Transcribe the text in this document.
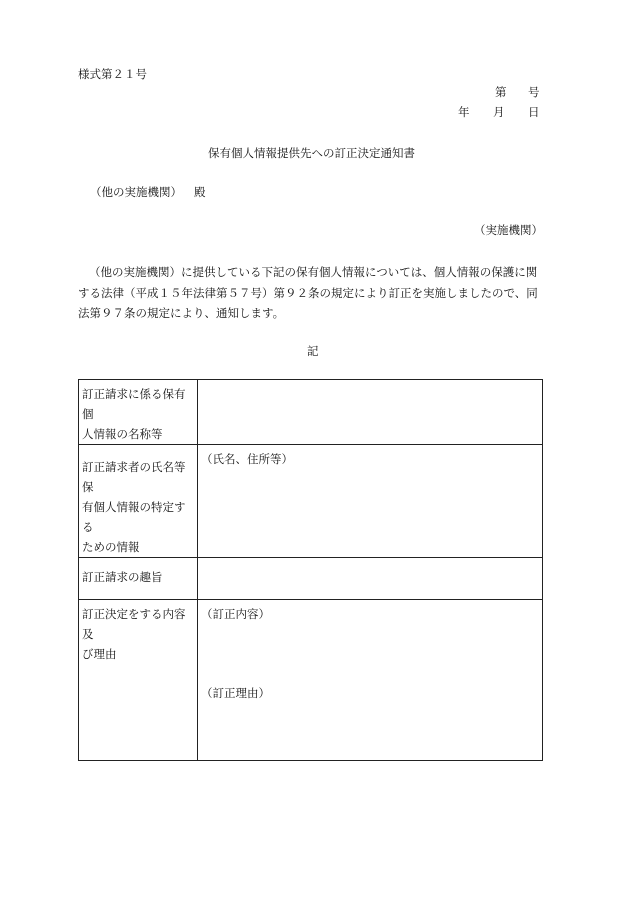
様式第２１号
第 号
年 月 日
保有個人情報提供先への訂正決定通知書
（他の実施機関） 殿
（実施機関）
（他の実施機関）に提供している下記の保有個人情報については、個人情報の保護に関
する法律（平成１５年法律第５７号）第９２条の規定により訂正を実施しましたので、同
法第９７条の規定により、通知します。
記
訂正請求に係る保有個
人情報の名称等	

訂正請求者の氏名等保
有個人情報の特定する
ための情報	（氏名、住所等）

訂正請求の趣旨	

訂正決定をする内容及
び理由	（訂正内容）
（訂正理由）
